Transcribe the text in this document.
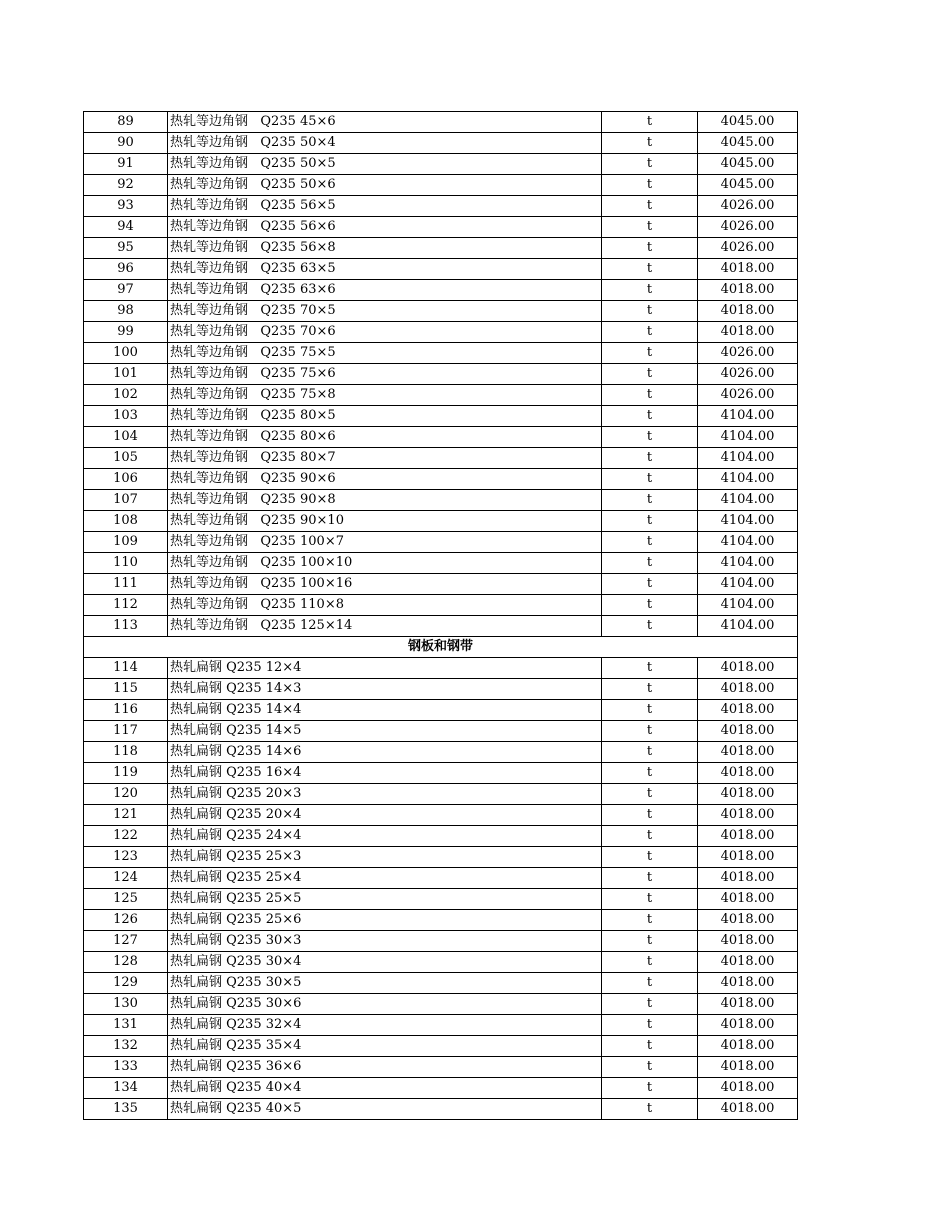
89	热轧等边角钢   Q235 45×6	t	4045.00
90	热轧等边角钢   Q235 50×4	t	4045.00
91	热轧等边角钢   Q235 50×5	t	4045.00
92	热轧等边角钢   Q235 50×6	t	4045.00
93	热轧等边角钢   Q235 56×5	t	4026.00
94	热轧等边角钢   Q235 56×6	t	4026.00
95	热轧等边角钢   Q235 56×8	t	4026.00
96	热轧等边角钢   Q235 63×5	t	4018.00
97	热轧等边角钢   Q235 63×6	t	4018.00
98	热轧等边角钢   Q235 70×5	t	4018.00
99	热轧等边角钢   Q235 70×6	t	4018.00
100	热轧等边角钢   Q235 75×5	t	4026.00
101	热轧等边角钢   Q235 75×6	t	4026.00
102	热轧等边角钢   Q235 75×8	t	4026.00
103	热轧等边角钢   Q235 80×5	t	4104.00
104	热轧等边角钢   Q235 80×6	t	4104.00
105	热轧等边角钢   Q235 80×7	t	4104.00
106	热轧等边角钢   Q235 90×6	t	4104.00
107	热轧等边角钢   Q235 90×8	t	4104.00
108	热轧等边角钢   Q235 90×10	t	4104.00
109	热轧等边角钢   Q235 100×7	t	4104.00
110	热轧等边角钢   Q235 100×10	t	4104.00
111	热轧等边角钢   Q235 100×16	t	4104.00
112	热轧等边角钢   Q235 110×8	t	4104.00
113	热轧等边角钢   Q235 125×14	t	4104.00
钢板和钢带			
114	热轧扁钢 Q235 12×4	t	4018.00
115	热轧扁钢 Q235 14×3	t	4018.00
116	热轧扁钢 Q235 14×4	t	4018.00
117	热轧扁钢 Q235 14×5	t	4018.00
118	热轧扁钢 Q235 14×6	t	4018.00
119	热轧扁钢 Q235 16×4	t	4018.00
120	热轧扁钢 Q235 20×3	t	4018.00
121	热轧扁钢 Q235 20×4	t	4018.00
122	热轧扁钢 Q235 24×4	t	4018.00
123	热轧扁钢 Q235 25×3	t	4018.00
124	热轧扁钢 Q235 25×4	t	4018.00
125	热轧扁钢 Q235 25×5	t	4018.00
126	热轧扁钢 Q235 25×6	t	4018.00
127	热轧扁钢 Q235 30×3	t	4018.00
128	热轧扁钢 Q235 30×4	t	4018.00
129	热轧扁钢 Q235 30×5	t	4018.00
130	热轧扁钢 Q235 30×6	t	4018.00
131	热轧扁钢 Q235 32×4	t	4018.00
132	热轧扁钢 Q235 35×4	t	4018.00
133	热轧扁钢 Q235 36×6	t	4018.00
134	热轧扁钢 Q235 40×4	t	4018.00
135	热轧扁钢 Q235 40×5	t	4018.00
